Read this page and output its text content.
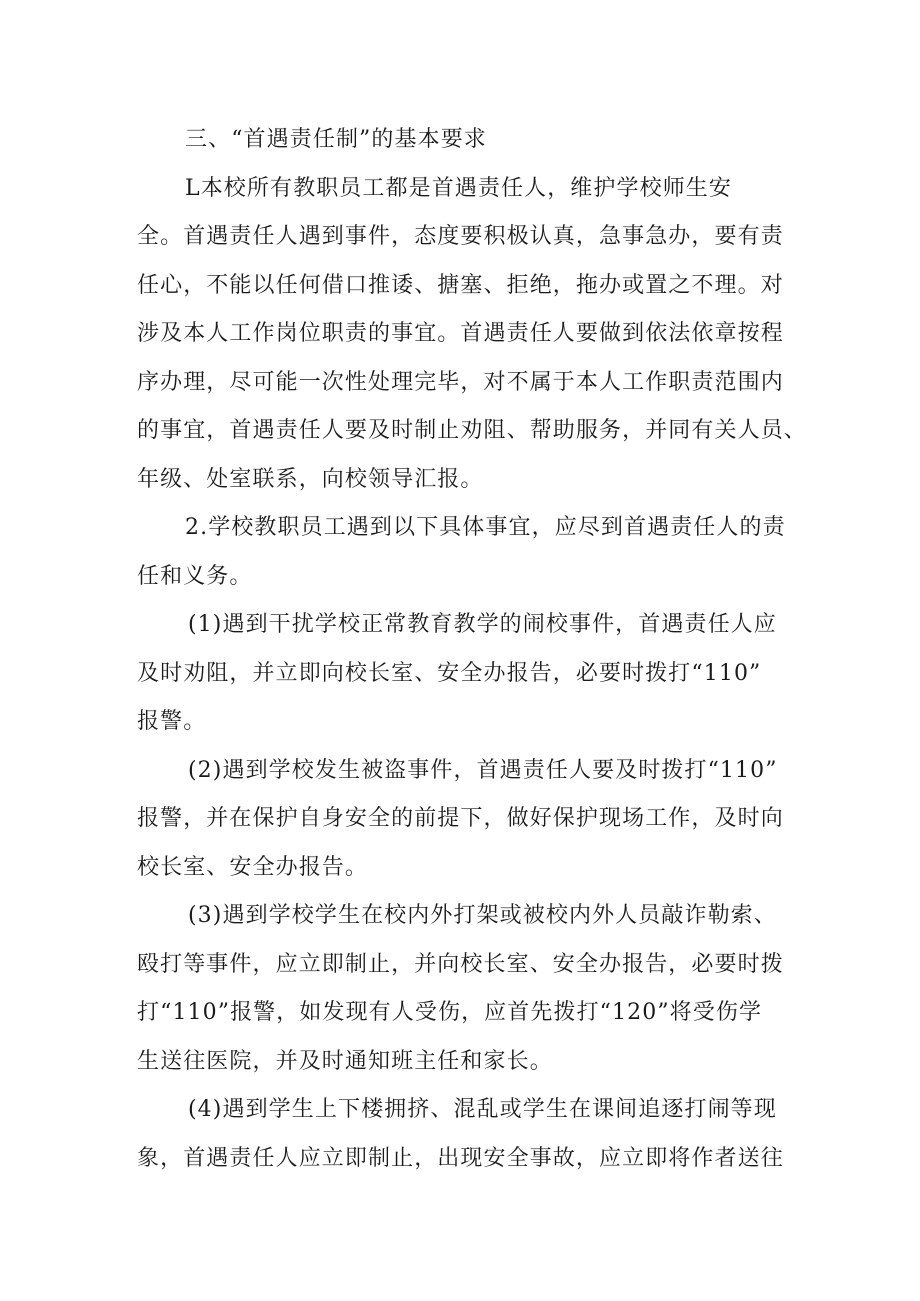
三、“首遇责任制”的基本要求
L本校所有教职员工都是首遇责任人，维护学校师生安
全。首遇责任人遇到事件，态度要积极认真，急事急办，要有责
任心，不能以任何借口推诿、搪塞、拒绝，拖办或置之不理。对
涉及本人工作岗位职责的事宜。首遇责任人要做到依法依章按程
序办理，尽可能一次性处理完毕，对不属于本人工作职责范围内
的事宜，首遇责任人要及时制止劝阻、帮助服务，并同有关人员、
年级、处室联系，向校领导汇报。
2.学校教职员工遇到以下具体事宜，应尽到首遇责任人的责
任和义务。
(1)遇到干扰学校正常教育教学的闹校事件，首遇责任人应
及时劝阻，并立即向校长室、安全办报告，必要时拨打“110”
报警。
(2)遇到学校发生被盗事件，首遇责任人要及时拨打“110”
报警，并在保护自身安全的前提下，做好保护现场工作，及时向
校长室、安全办报告。
(3)遇到学校学生在校内外打架或被校内外人员敲诈勒索、
殴打等事件，应立即制止，并向校长室、安全办报告，必要时拨
打“110”报警，如发现有人受伤，应首先拨打“120”将受伤学
生送往医院，并及时通知班主任和家长。
(4)遇到学生上下楼拥挤、混乱或学生在课间追逐打闹等现
象，首遇责任人应立即制止，出现安全事故，应立即将作者送往
